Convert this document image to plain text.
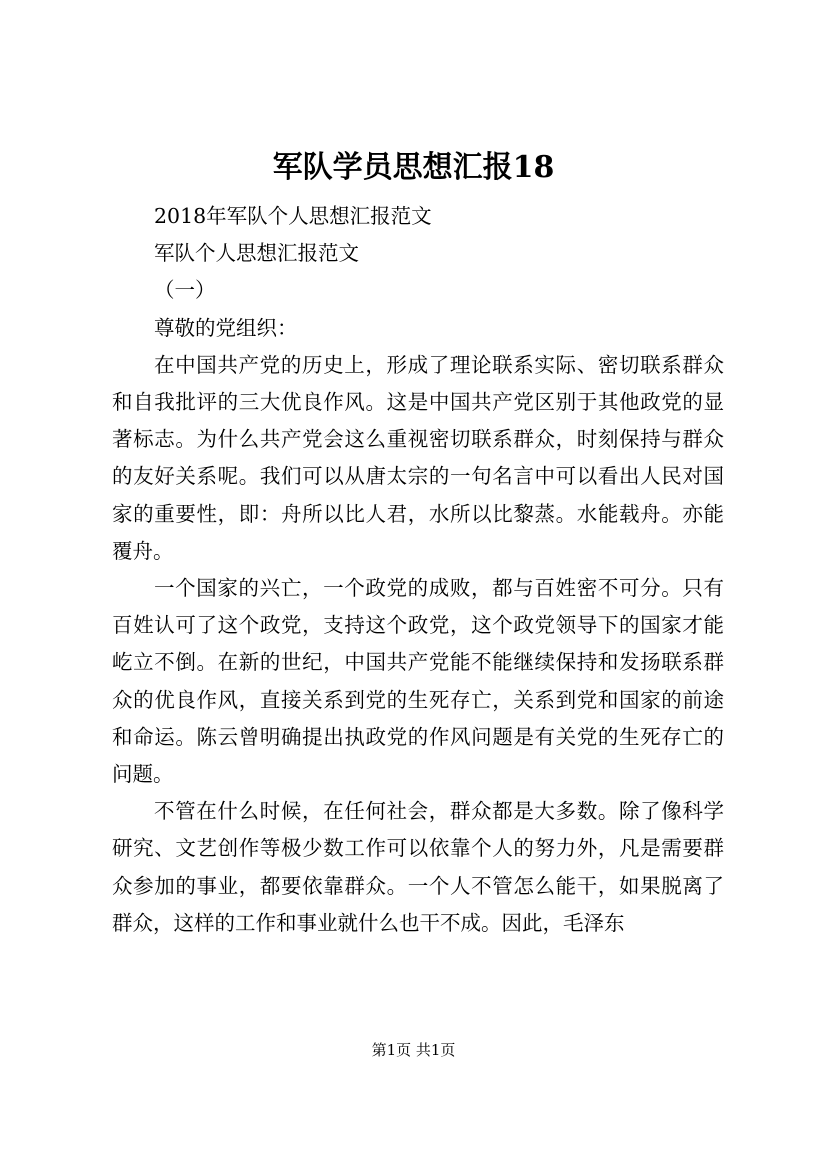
军队学员思想汇报18

2018年军队个人思想汇报范文

军队个人思想汇报范文

（一）

尊敬的党组织：

在中国共产党的历史上，形成了理论联系实际、密切联系群众和自我批评的三大优良作风。这是中国共产党区别于其他政党的显著标志。为什么共产党会这么重视密切联系群众，时刻保持与群众的友好关系呢。我们可以从唐太宗的一句名言中可以看出人民对国家的重要性，即：舟所以比人君，水所以比黎蒸。水能载舟。亦能覆舟。

一个国家的兴亡，一个政党的成败，都与百姓密不可分。只有百姓认可了这个政党，支持这个政党，这个政党领导下的国家才能屹立不倒。在新的世纪，中国共产党能不能继续保持和发扬联系群众的优良作风，直接关系到党的生死存亡，关系到党和国家的前途和命运。陈云曾明确提出执政党的作风问题是有关党的生死存亡的问题。

不管在什么时候，在任何社会，群众都是大多数。除了像科学研究、文艺创作等极少数工作可以依靠个人的努力外，凡是需要群众参加的事业，都要依靠群众。一个人不管怎么能干，如果脱离了群众，这样的工作和事业就什么也干不成。因此，毛泽东

第1页 共1页
